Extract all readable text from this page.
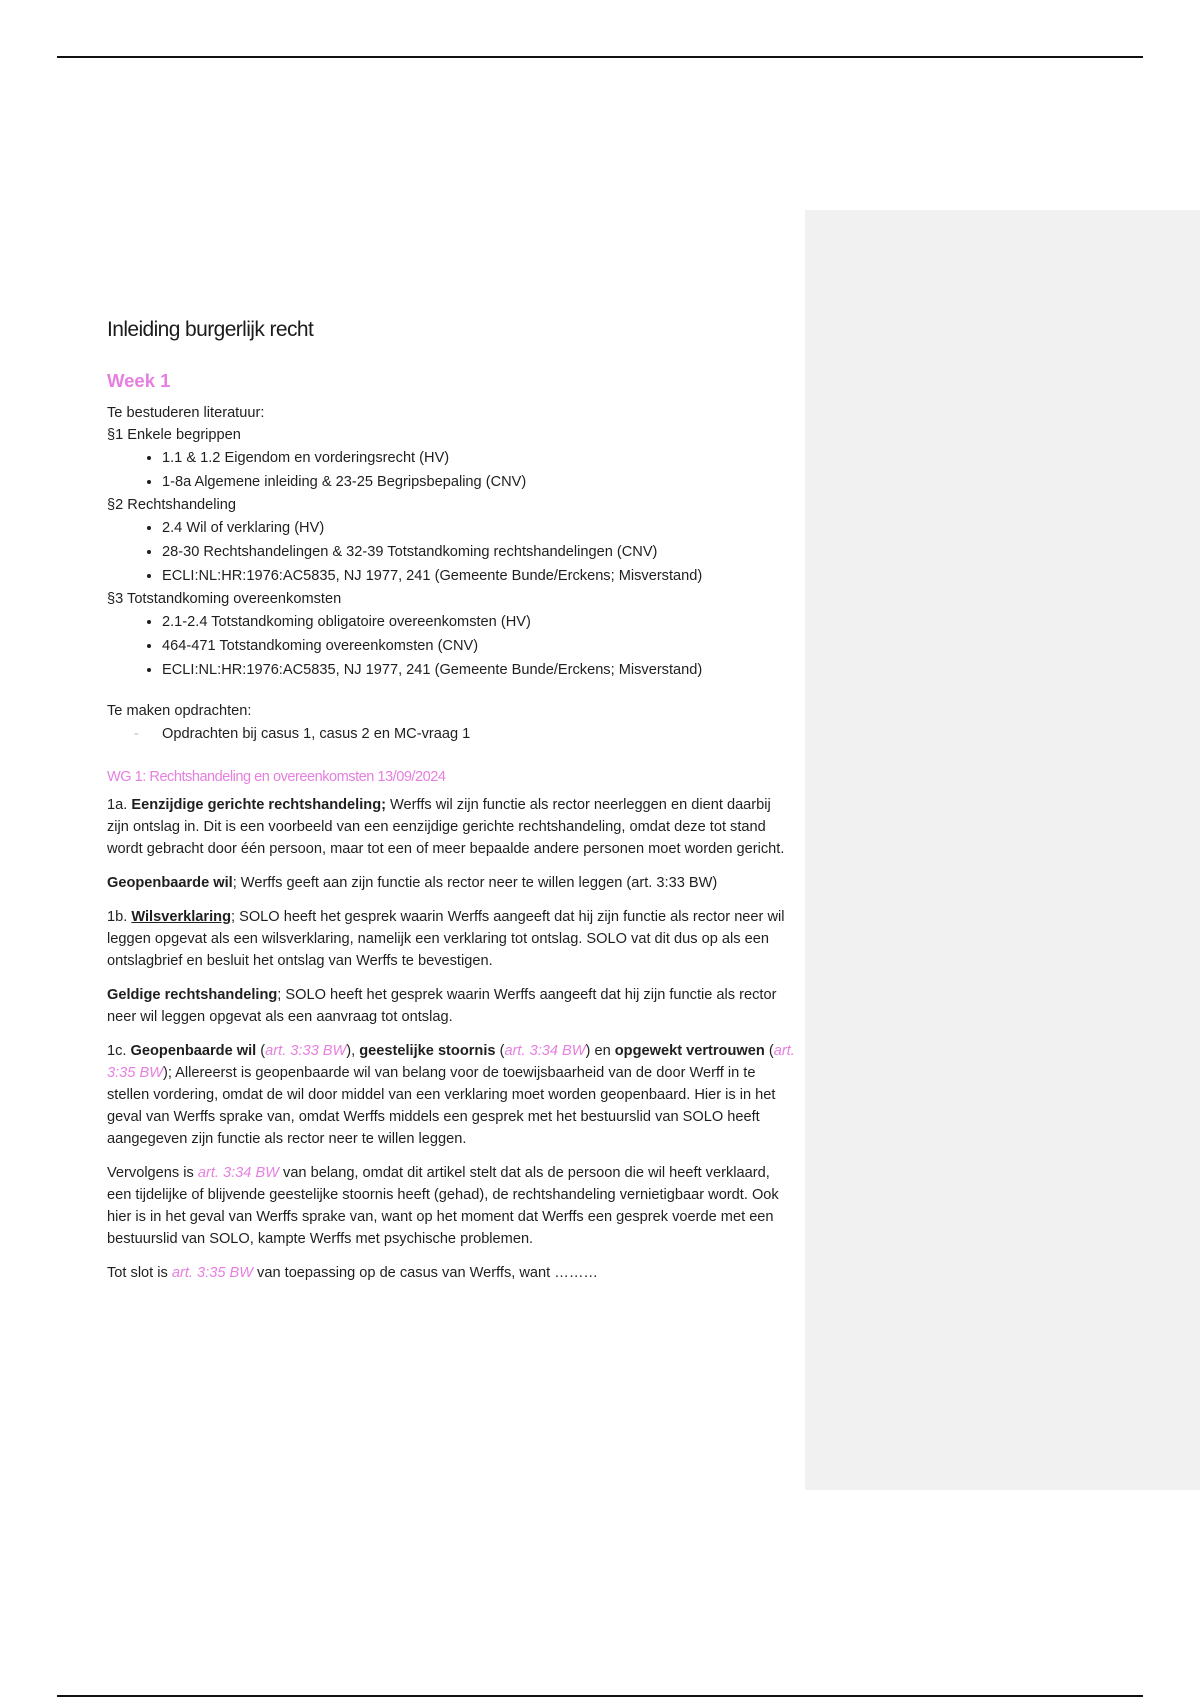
Inleiding burgerlijk recht
Week 1

Te bestuderen literatuur:

§1 Enkele begrippen

• 1.1 & 1.2 Eigendom en vorderingsrecht (HV)
• 1-8a Algemene inleiding & 23-25 Begripsbepaling (CNV)

§2 Rechtshandeling

• 2.4 Wil of verklaring (HV)
• 28-30 Rechtshandelingen & 32-39 Totstandkoming rechtshandelingen (CNV)
• ECLI:NL:HR:1976:AC5835, NJ 1977, 241 (Gemeente Bunde/Erckens; Misverstand)

§3 Totstandkoming overeenkomsten

• 2.1-2.4 Totstandkoming obligatoire overeenkomsten (HV)
• 464-471 Totstandkoming overeenkomsten (CNV)
• ECLI:NL:HR:1976:AC5835, NJ 1977, 241 (Gemeente Bunde/Erckens; Misverstand)

Te maken opdrachten:

- Opdrachten bij casus 1, casus 2 en MC-vraag 1
WG 1: Rechtshandeling en overeenkomsten 13/09/2024

1a. Eenzijdige gerichte rechtshandeling; Werffs wil zijn functie als rector neerleggen en dient daarbij zijn ontslag in. Dit is een voorbeeld van een eenzijdige gerichte rechtshandeling, omdat deze tot stand wordt gebracht door één persoon, maar tot een of meer bepaalde andere personen moet worden gericht.

Geopenbaarde wil; Werffs geeft aan zijn functie als rector neer te willen leggen (art. 3:33 BW)

1b. Wilsverklaring; SOLO heeft het gesprek waarin Werffs aangeeft dat hij zijn functie als rector neer wil leggen opgevat als een wilsverklaring, namelijk een verklaring tot ontslag. SOLO vat dit dus op als een ontslagbrief en besluit het ontslag van Werffs te bevestigen.

Geldige rechtshandeling; SOLO heeft het gesprek waarin Werffs aangeeft dat hij zijn functie als rector neer wil leggen opgevat als een aanvraag tot ontslag.

1c. Geopenbaarde wil (art. 3:33 BW), geestelijke stoornis (art. 3:34 BW) en opgewekt vertrouwen (art. 3:35 BW); Allereerst is geopenbaarde wil van belang voor de toewijsbaarheid van de door Werff in te stellen vordering, omdat de wil door middel van een verklaring moet worden geopenbaard. Hier is in het geval van Werffs sprake van, omdat Werffs middels een gesprek met het bestuurslid van SOLO heeft aangegeven zijn functie als rector neer te willen leggen.

Vervolgens is art. 3:34 BW van belang, omdat dit artikel stelt dat als de persoon die wil heeft verklaard, een tijdelijke of blijvende geestelijke stoornis heeft (gehad), de rechtshandeling vernietigbaar wordt. Ook hier is in het geval van Werffs sprake van, want op het moment dat Werffs een gesprek voerde met een bestuurslid van SOLO, kampte Werffs met psychische problemen.

Tot slot is art. 3:35 BW van toepassing op de casus van Werffs, want ………
